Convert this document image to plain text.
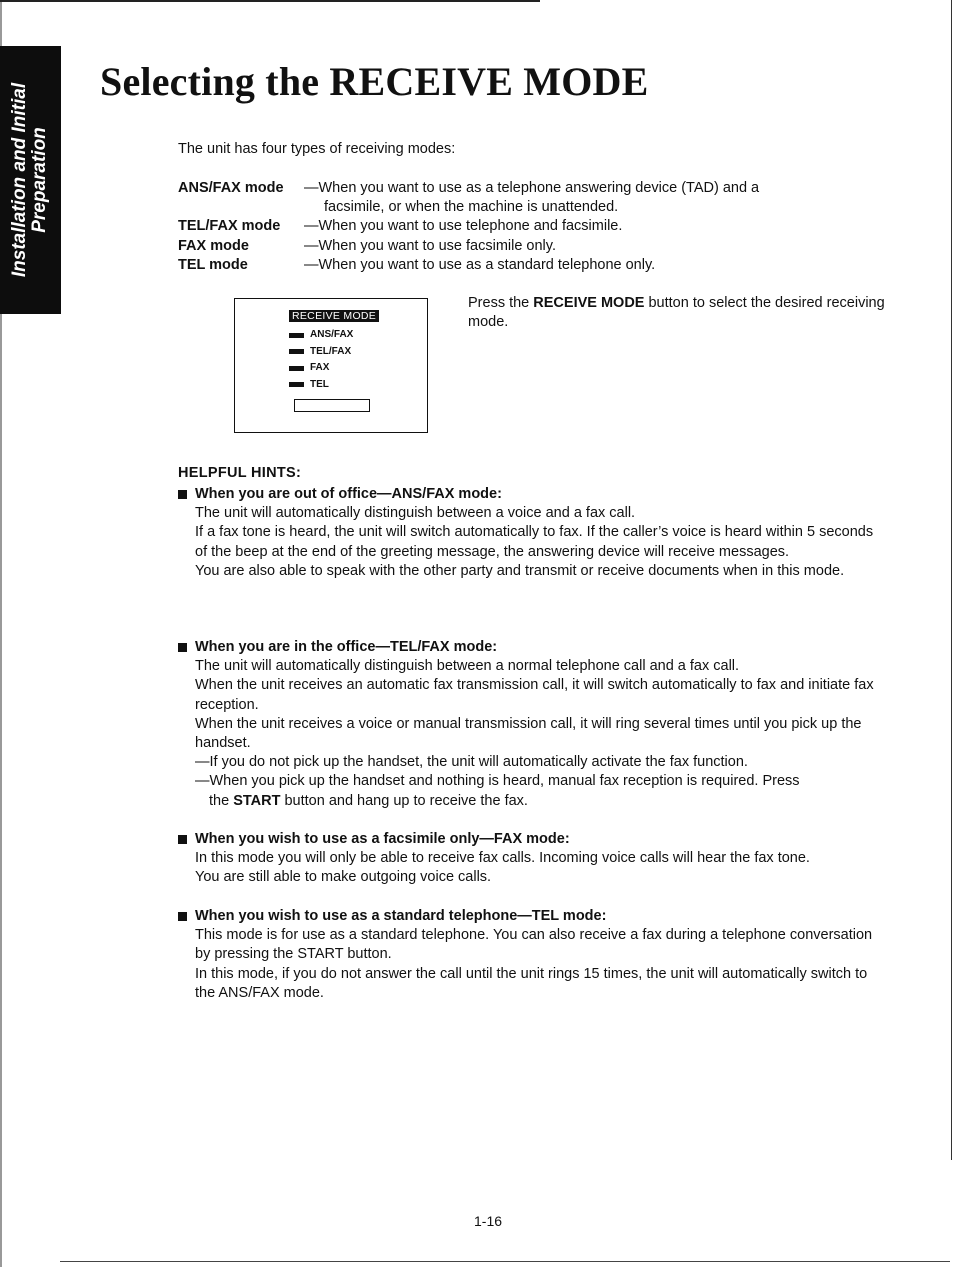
Installation and Initial
Preparation
Selecting the RECEIVE MODE
The unit has four types of receiving modes:
ANS/FAX mode	—When you want to use as a telephone answering device (TAD) and a
facsimile, or when the machine is unattended.
TEL/FAX mode	—When you want to use telephone and facsimile.
FAX mode	—When you want to use facsimile only.
TEL mode	—When you want to use as a standard telephone only.
RECEIVE MODE
ANS/FAX
TEL/FAX
FAX
TEL
Press the RECEIVE MODE button to select the desired receiving mode.
HELPFUL HINTS:
When you are out of office—ANS/FAX mode:

The unit will automatically distinguish between a voice and a fax call.

If a fax tone is heard, the unit will switch automatically to fax. If the caller’s voice is heard within 5 seconds of the beep at the end of the greeting message, the answering device will receive messages.

You are also able to speak with the other party and transmit or receive documents when in this mode.

When you are in the office—TEL/FAX mode:

The unit will automatically distinguish between a normal telephone call and a fax call.

When the unit receives an automatic fax transmission call, it will switch automatically to fax and initiate fax reception.

When the unit receives a voice or manual transmission call, it will ring several times until you pick up the handset.

—If you do not pick up the handset, the unit will automatically activate the fax function.
—When you pick up the handset and nothing is heard, manual fax reception is required. Press
the START button and hang up to receive the fax.
When you wish to use as a facsimile only—FAX mode:

In this mode you will only be able to receive fax calls. Incoming voice calls will hear the fax tone.

You are still able to make outgoing voice calls.

When you wish to use as a standard telephone—TEL mode:

This mode is for use as a standard telephone. You can also receive a fax during a telephone conversation by pressing the START button.

In this mode, if you do not answer the call until the unit rings 15 times, the unit will automatically switch to the ANS/FAX mode.

1-16
